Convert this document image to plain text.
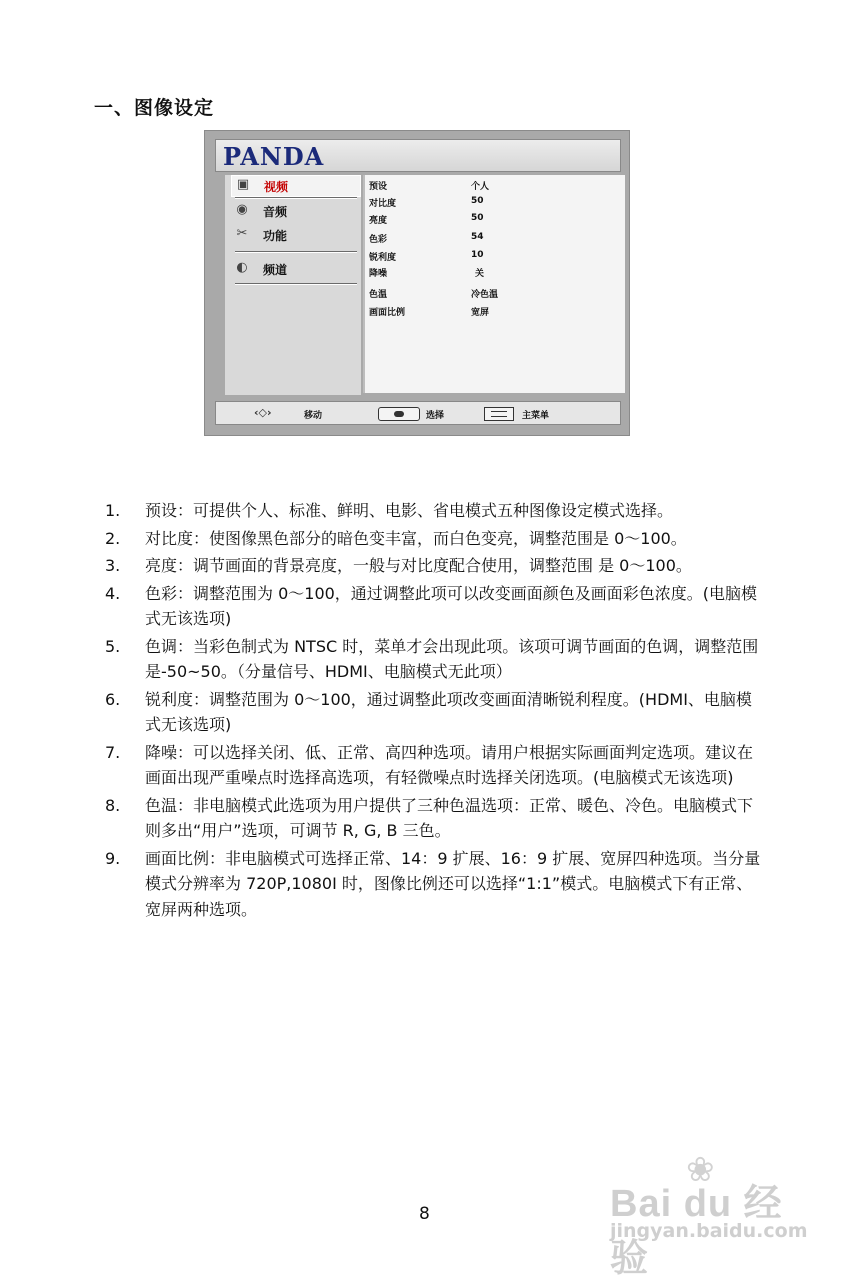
一、图像设定
PANDA
▣ 视频
◉ 音频
✂ 功能
◐ 频道
预设	个人
对比度	50
亮度	50
色彩	54
锐利度	10
降噪	关
色温	冷色温
画面比例	宽屏
‹◇›	移动	选择	主菜单
1. 预设：可提供个人、标准、鲜明、电影、省电模式五种图像设定模式选择。
2. 对比度：使图像黑色部分的暗色变丰富，而白色变亮，调整范围是 0～100。
3. 亮度：调节画面的背景亮度，一般与对比度配合使用，调整范围 是 0～100。
4. 色彩：调整范围为 0～100，通过调整此项可以改变画面颜色及画面彩色浓度。(电脑模式无该选项)
5. 色调：当彩色制式为 NTSC 时，菜单才会出现此项。该项可调节画面的色调，调整范围是-50~50。（分量信号、HDMI、电脑模式无此项）
6. 锐利度：调整范围为 0～100，通过调整此项改变画面清晰锐利程度。(HDMI、电脑模式无该选项)
7. 降噪：可以选择关闭、低、正常、高四种选项。请用户根据实际画面判定选项。建议在画面出现严重噪点时选择高选项，有轻微噪点时选择关闭选项。(电脑模式无该选项)
8. 色温：非电脑模式此选项为用户提供了三种色温选项：正常、暖色、冷色。电脑模式下则多出“用户”选项，可调节 R, G, B 三色。
9. 画面比例：非电脑模式可选择正常、14：9 扩展、16：9 扩展、宽屏四种选项。当分量模式分辨率为 720P,1080I 时，图像比例还可以选择“1:1”模式。电脑模式下有正常、宽屏两种选项。
8
❀
Bai du 经验
jingyan.baidu.com
